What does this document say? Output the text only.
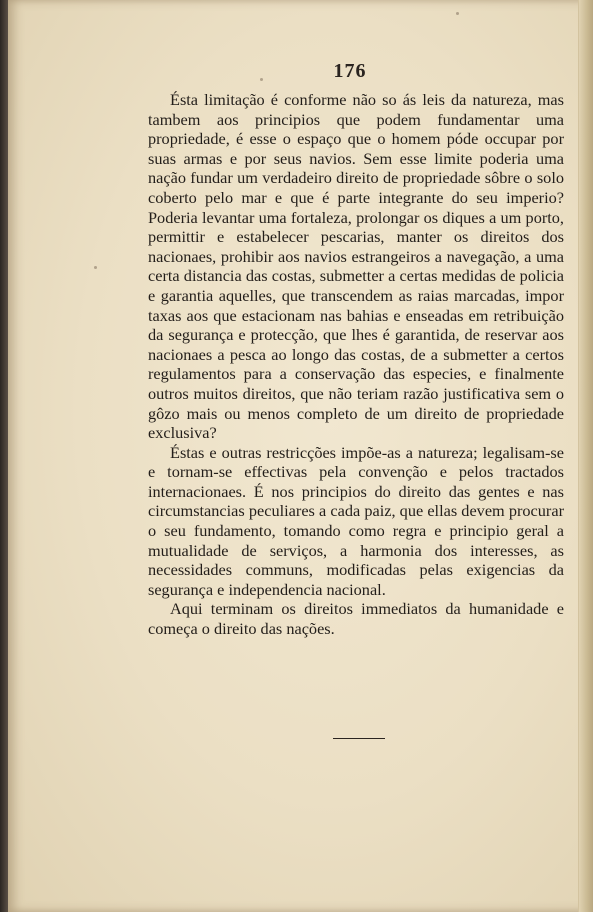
176

Ésta limitação é conforme não so ás leis da natureza, mas tambem aos principios que podem fundamentar uma propriedade, é esse o espaço que o homem póde occupar por suas armas e por seus navios. Sem esse limite poderia uma nação fundar um verdadeiro direito de propriedade sôbre o solo coberto pelo mar e que é parte integrante do seu imperio? Poderia levantar uma fortaleza, prolongar os diques a um porto, permittir e estabelecer pescarias, manter os direitos dos nacionaes, prohibir aos navios estrangeiros a navegação, a uma certa distancia das costas, submetter a certas medidas de policia e garantia aquelles, que transcendem as raias marcadas, impor taxas aos que estacionam nas bahias e enseadas em retribuição da segurança e protecção, que lhes é garantida, de reservar aos nacionaes a pesca ao longo das costas, de a submetter a certos regulamentos para a conservação das especies, e finalmente outros muitos direitos, que não teriam razão justificativa sem o gôzo mais ou menos completo de um direito de propriedade exclusiva?

Éstas e outras restricções impõe-as a natureza; legalisam-se e tornam-se effectivas pela convenção e pelos tractados internacionaes. É nos principios do direito das gentes e nas circumstancias peculiares a cada paiz, que ellas devem procurar o seu fundamento, tomando como regra e principio geral a mutualidade de serviços, a harmonia dos interesses, as necessidades communs, modificadas pelas exigencias da segurança e independencia nacional.

Aqui terminam os direitos immediatos da humanidade e começa o direito das nações.
